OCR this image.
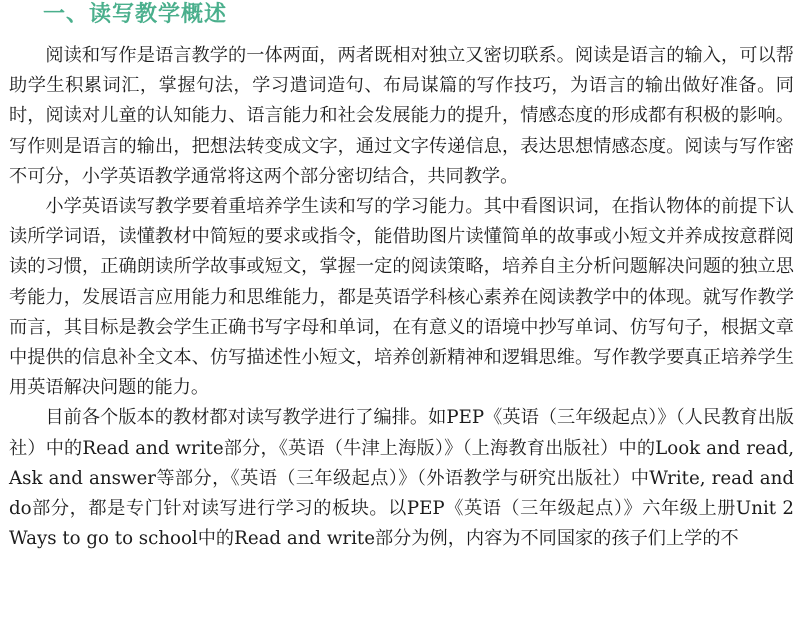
一、读写教学概述

阅读和写作是语言教学的一体两面，两者既相对独立又密切联系。阅读是语言的输入，可以帮助学生积累词汇，掌握句法，学习遣词造句、布局谋篇的写作技巧，为语言的输出做好准备。同时，阅读对儿童的认知能力、语言能力和社会发展能力的提升，情感态度的形成都有积极的影响。写作则是语言的输出，把想法转变成文字，通过文字传递信息，表达思想情感态度。阅读与写作密不可分，小学英语教学通常将这两个部分密切结合，共同教学。

小学英语读写教学要着重培养学生读和写的学习能力。其中看图识词，在指认物体的前提下认读所学词语，读懂教材中简短的要求或指令，能借助图片读懂简单的故事或小短文并养成按意群阅读的习惯，正确朗读所学故事或短文，掌握一定的阅读策略，培养自主分析问题解决问题的独立思考能力，发展语言应用能力和思维能力，都是英语学科核心素养在阅读教学中的体现。就写作教学而言，其目标是教会学生正确书写字母和单词，在有意义的语境中抄写单词、仿写句子，根据文章中提供的信息补全文本、仿写描述性小短文，培养创新精神和逻辑思维。写作教学要真正培养学生用英语解决问题的能力。

目前各个版本的教材都对读写教学进行了编排。如PEP《英语（三年级起点）》（人民教育出版社）中的Read and write部分，《英语（牛津上海版）》（上海教育出版社）中的Look and read, Ask and answer等部分，《英语（三年级起点）》（外语教学与研究出版社）中Write, read and do部分，都是专门针对读写进行学习的板块。以PEP《英语（三年级起点）》六年级上册Unit 2 Ways to go to school中的Read and write部分为例，内容为不同国家的孩子们上学的不
